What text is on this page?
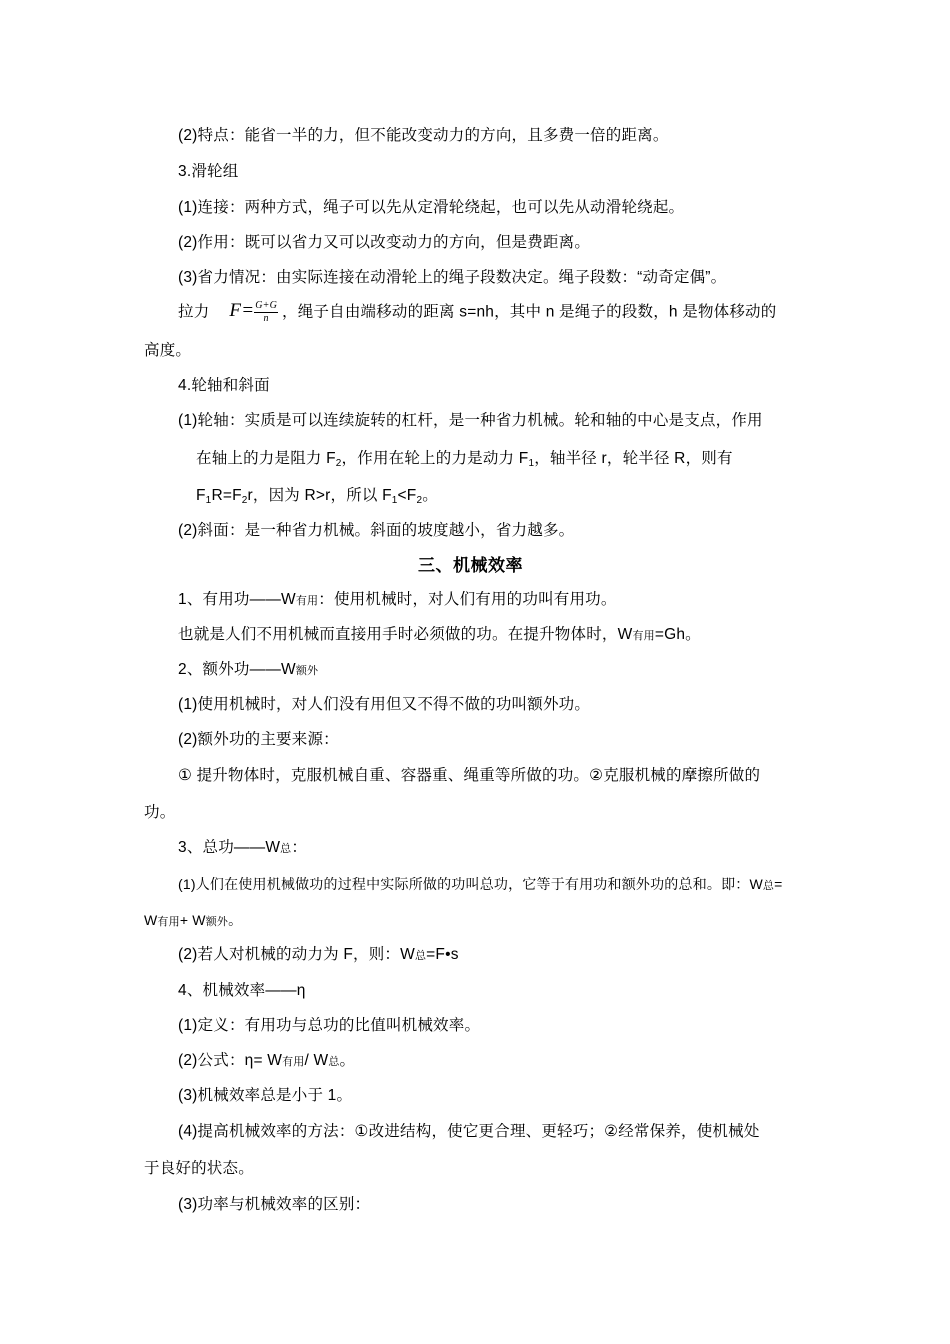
(2)特点：能省一半的力，但不能改变动力的方向，且多费一倍的距离。
3.滑轮组
(1)连接：两种方式，绳子可以先从定滑轮绕起，也可以先从动滑轮绕起。
(2)作用：既可以省力又可以改变动力的方向，但是费距离。
(3)省力情况：由实际连接在动滑轮上的绳子段数决定。绳子段数：“动奇定偶”。
拉力 $F= \frac{G+G}{n}$ ，绳子自由端移动的距离 s=nh，其中 n 是绳子的段数，h 是物体移动的
高度。
4.轮轴和斜面
(1)轮轴：实质是可以连续旋转的杠杆，是一种省力机械。轮和轴的中心是支点，作用
在轴上的力是阻力 $F_2$，作用在轮上的力是动力 $F_1$，轴半径 r，轮半径 R，则有
$F_1R=F_2r$，因为 R>r，所以 $F_1<F_2$。
(2)斜面：是一种省力机械。斜面的坡度越小，省力越多。
三、机械效率
1、有用功——W有用：使用机械时，对人们有用的功叫有用功。
也就是人们不用机械而直接用手时必须做的功。在提升物体时，W有用=Gh。
2、额外功——W额外
(1)使用机械时，对人们没有用但又不得不做的功叫额外功。
(2)额外功的主要来源：
① 提升物体时，克服机械自重、容器重、绳重等所做的功。②克服机械的摩擦所做的
功。
3、总功——W总：
(1)人们在使用机械做功的过程中实际所做的功叫总功，它等于有用功和额外功的总和。即：W总=
W有用+ W额外。
(2)若人对机械的动力为 F，则：W总=F•s
4、机械效率——η
(1)定义：有用功与总功的比值叫机械效率。
(2)公式：η= W有用/ W总。
(3)机械效率总是小于 1。
(4)提高机械效率的方法：①改进结构，使它更合理、更轻巧；②经常保养，使机械处
于良好的状态。
(3)功率与机械效率的区别：
